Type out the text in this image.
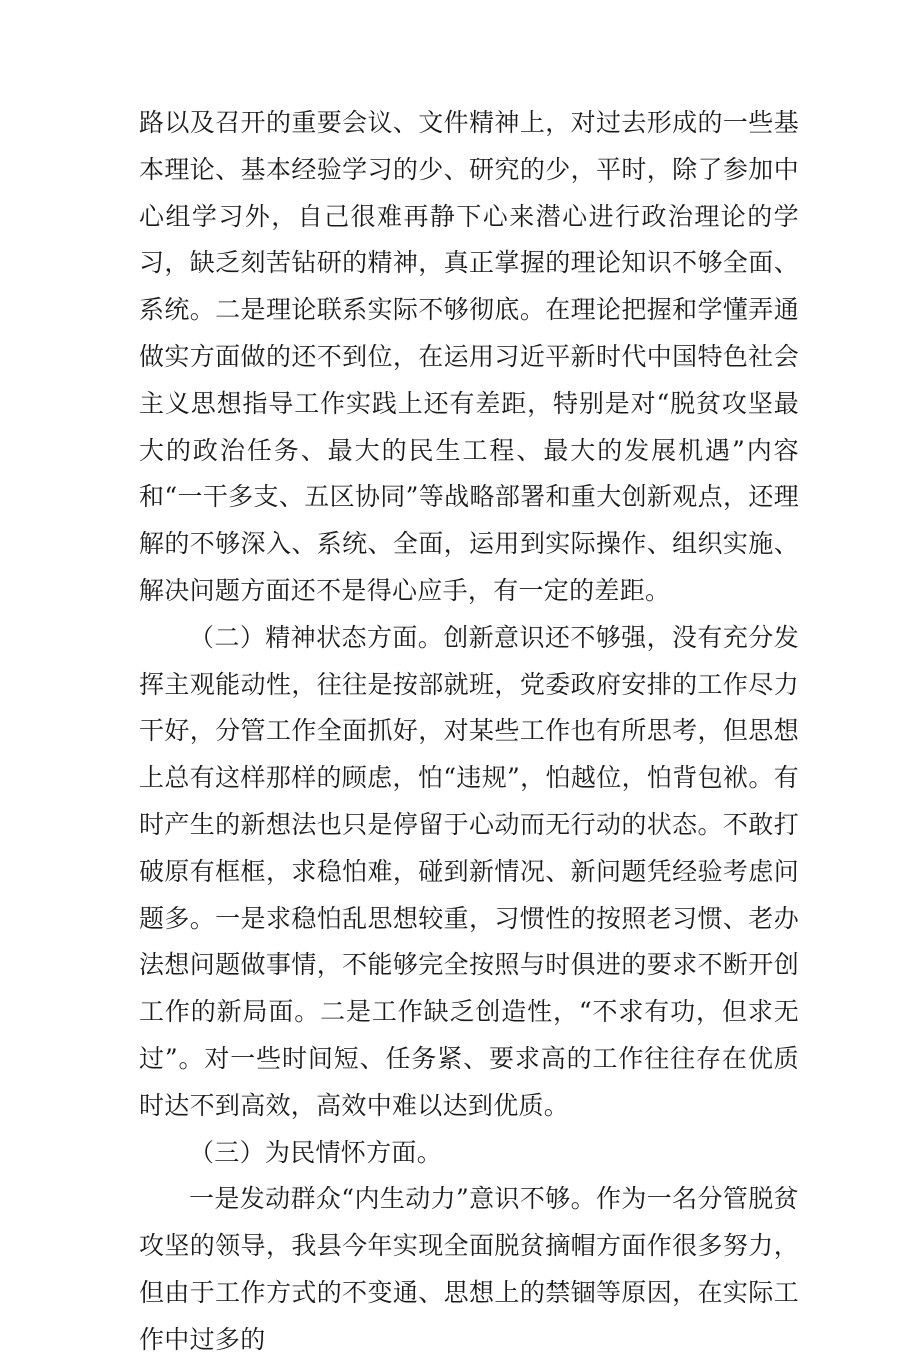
路以及召开的重要会议、文件精神上，对过去形成的一些基本理论、基本经验学习的少、研究的少，平时，除了参加中心组学习外，自己很难再静下心来潜心进行政治理论的学习，缺乏刻苦钻研的精神，真正掌握的理论知识不够全面、系统。二是理论联系实际不够彻底。在理论把握和学懂弄通做实方面做的还不到位，在运用习近平新时代中国特色社会主义思想指导工作实践上还有差距，特别是对“脱贫攻坚最大的政治任务、最大的民生工程、最大的发展机遇”内容和“一干多支、五区协同”等战略部署和重大创新观点，还理解的不够深入、系统、全面，运用到实际操作、组织实施、解决问题方面还不是得心应手，有一定的差距。

（二）精神状态方面。创新意识还不够强，没有充分发挥主观能动性，往往是按部就班，党委政府安排的工作尽力干好，分管工作全面抓好，对某些工作也有所思考，但思想上总有这样那样的顾虑，怕“违规”，怕越位，怕背包袱。有时产生的新想法也只是停留于心动而无行动的状态。不敢打破原有框框，求稳怕难，碰到新情况、新问题凭经验考虑问题多。一是求稳怕乱思想较重，习惯性的按照老习惯、老办法想问题做事情，不能够完全按照与时俱进的要求不断开创工作的新局面。二是工作缺乏创造性，“不求有功，但求无过”。对一些时间短、任务紧、要求高的工作往往存在优质时达不到高效，高效中难以达到优质。

（三）为民情怀方面。

一是发动群众“内生动力”意识不够。作为一名分管脱贫攻坚的领导，我县今年实现全面脱贫摘帽方面作很多努力，但由于工作方式的不变通、思想上的禁锢等原因，在实际工作中过多的
